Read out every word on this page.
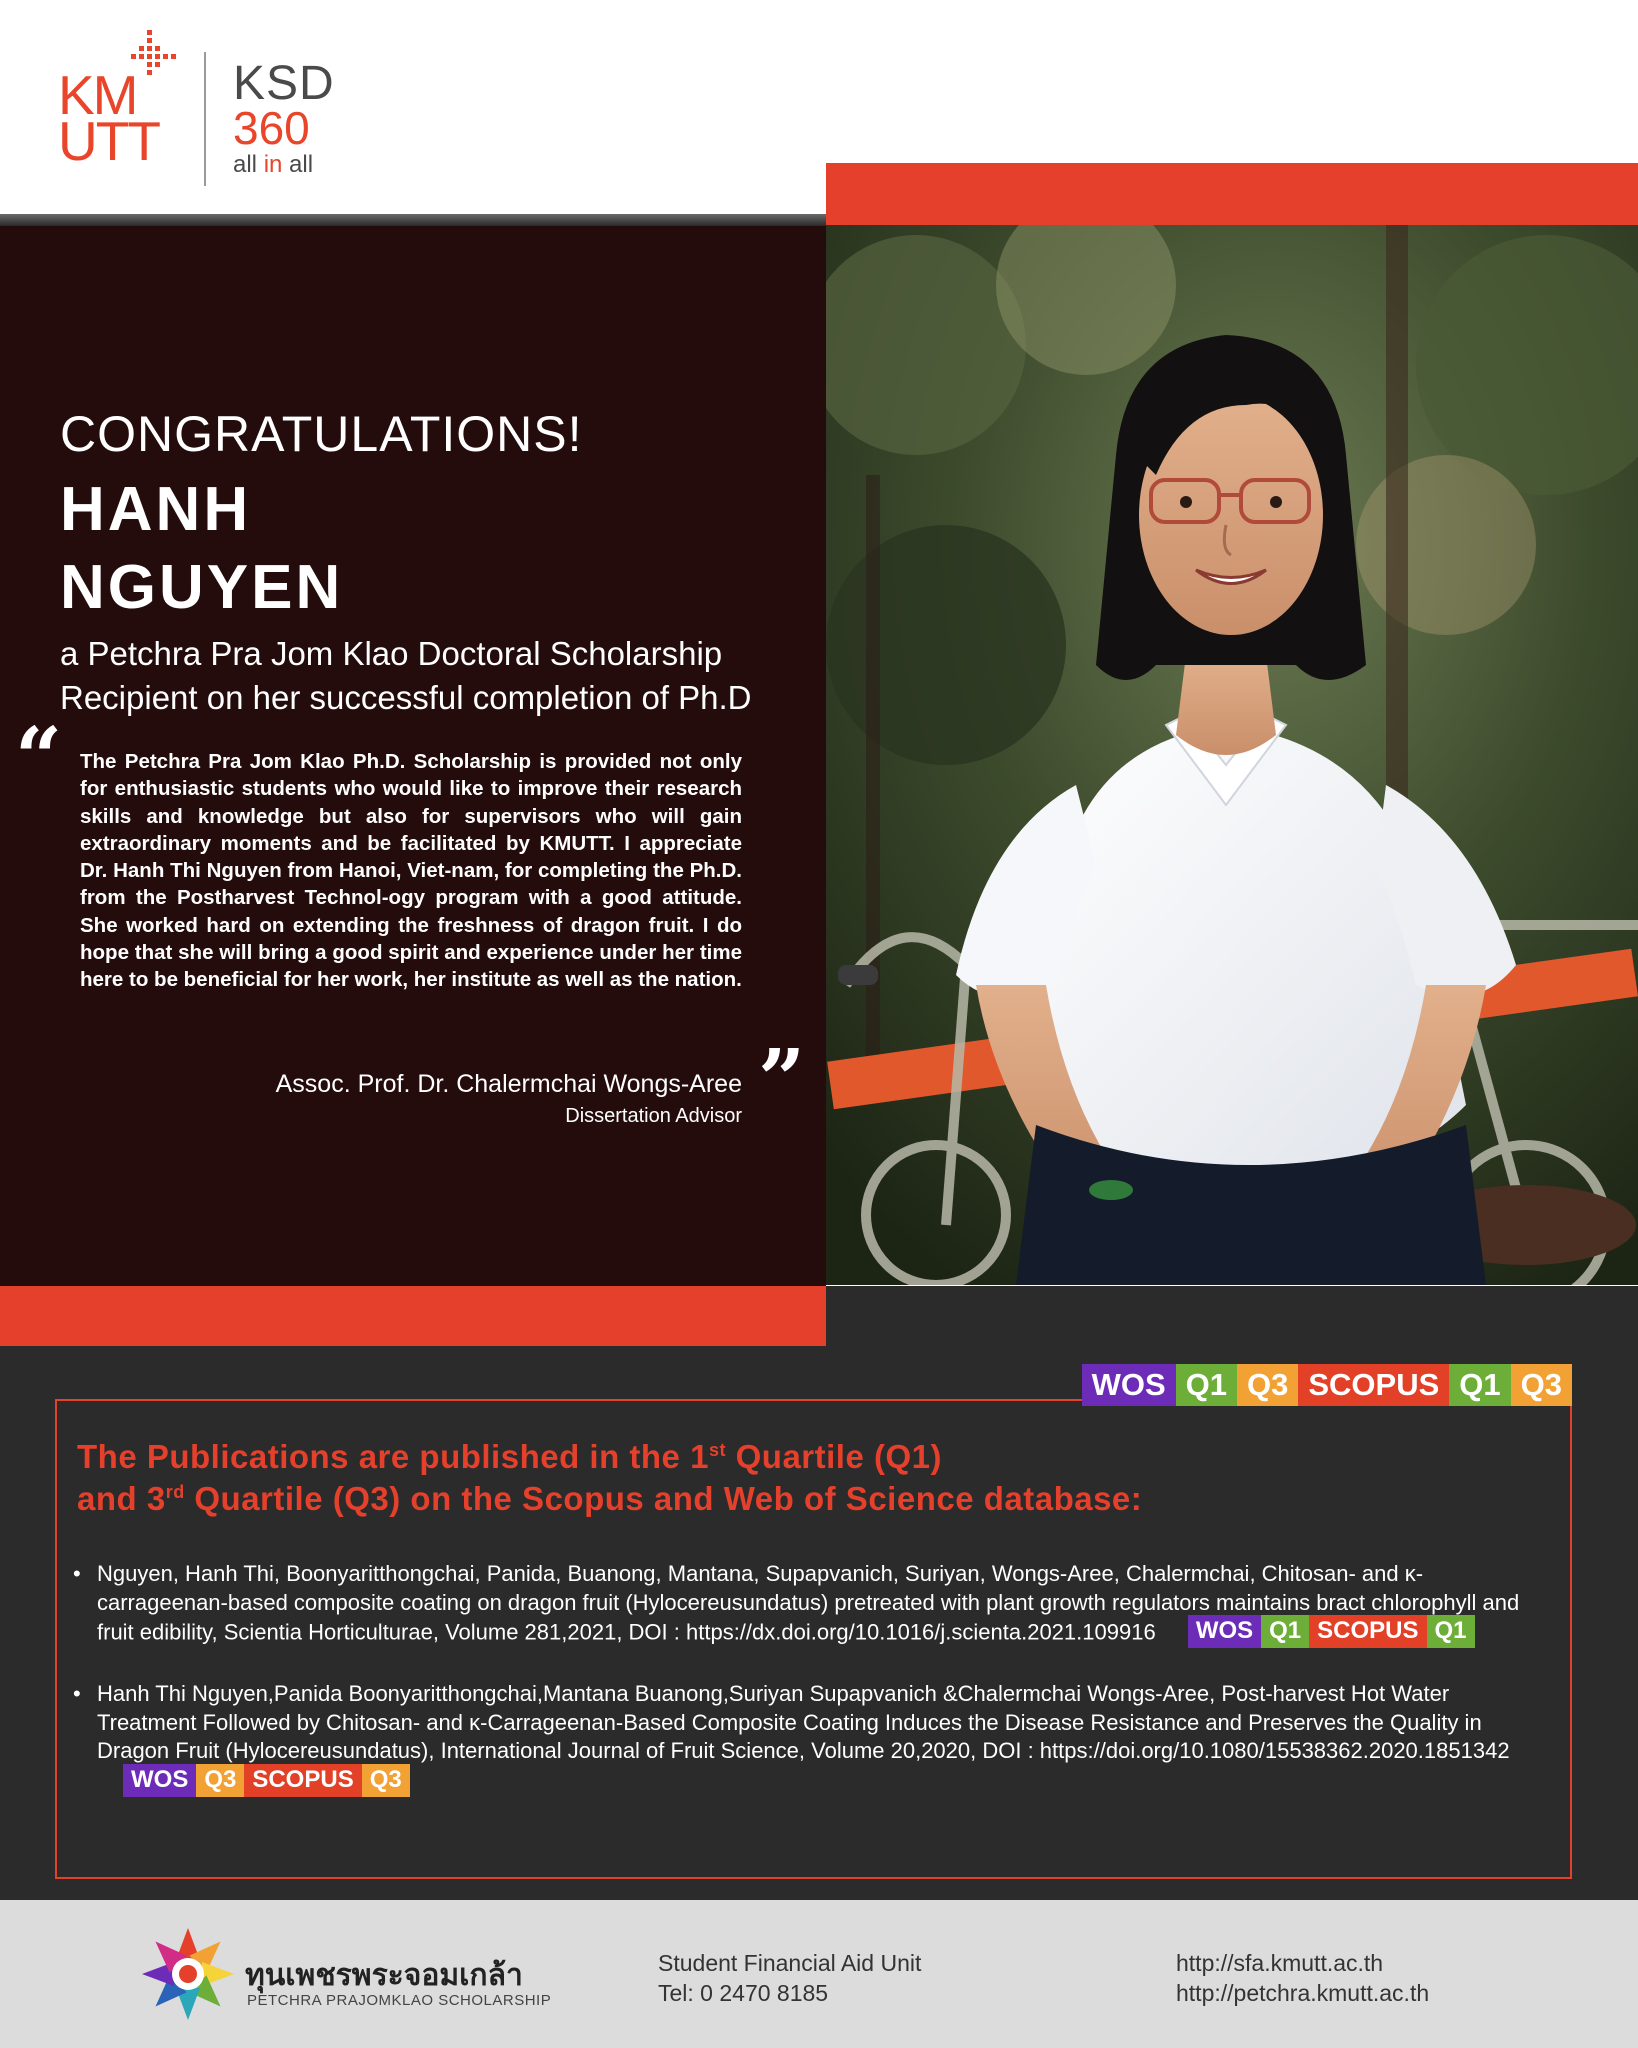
KM
UTT
KSD
360
all in all
CONGRATULATIONS!
HANH
NGUYEN
a Petchra Pra Jom Klao Doctoral Scholarship
Recipient on her successful completion of Ph.D
“ The Petchra Pra Jom Klao Ph.D. Scholarship is provided not only for enthusiastic students who would like to improve their research skills and knowledge but also for supervisors who will gain extraordinary moments and be facilitated by KMUTT. I appreciate Dr. Hanh Thi Nguyen from Hanoi, Viet-nam, for completing the Ph.D. from the Postharvest Technol-ogy program with a good attitude. She worked hard on extending the freshness of dragon fruit. I do hope that she will bring a good spirit and experience under her time here to be beneficial for her work, her institute as well as the nation.
”
Assoc. Prof. Dr. Chalermchai Wongs-Aree
Dissertation Advisor
WOS Q1 Q3 SCOPUS Q1 Q3
The Publications are published in the 1st Quartile (Q1)
and 3rd Quartile (Q3) on the Scopus and Web of Science database:
• Nguyen, Hanh Thi, Boonyaritthongchai, Panida, Buanong, Mantana, Supapvanich, Suriyan, Wongs-Aree, Chalermchai, Chitosan- and κ-carrageenan-based composite coating on dragon fruit (Hylocereusundatus) pretreated with plant growth regulators maintains bract chlorophyll and fruit edibility, Scientia Horticulturae, Volume 281,2021, DOI : https://dx.doi.org/10.1016/j.scienta.2021.109916	WOS Q1 SCOPUS Q1
• Hanh Thi Nguyen,Panida Boonyaritthongchai,Mantana Buanong,Suriyan Supapvanich &Chalermchai Wongs-Aree, Post-harvest Hot Water Treatment Followed by Chitosan- and κ-Carrageenan-Based Composite Coating Induces the Disease Resistance and Preserves the Quality in Dragon Fruit (Hylocereusundatus), International Journal of Fruit Science, Volume 20,2020, DOI : https://doi.org/10.1080/15538362.2020.1851342
WOS Q3 SCOPUS Q3
ทุนเพชรพระจอมเกล้า
PETCHRA PRAJOMKLAO SCHOLARSHIP
Student Financial Aid Unit
Tel: 0 2470 8185
http://sfa.kmutt.ac.th
http://petchra.kmutt.ac.th
